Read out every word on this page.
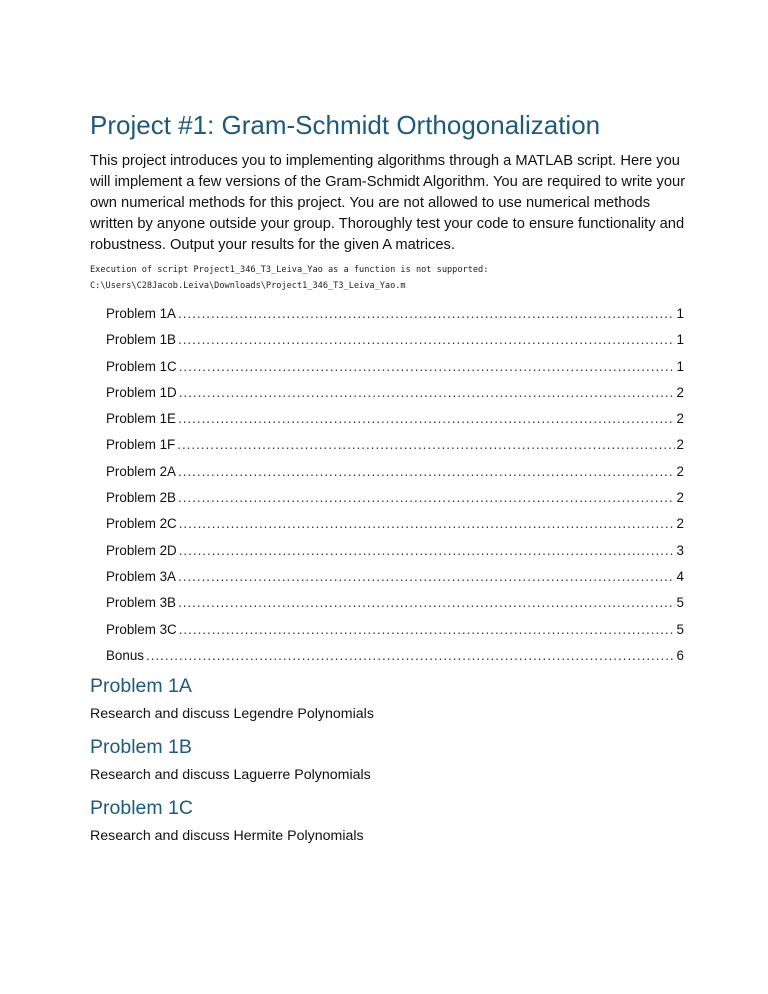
Project #1: Gram-Schmidt Orthogonalization

This project introduces you to implementing algorithms through a MATLAB script. Here you will implement a few versions of the Gram-Schmidt Algorithm. You are required to write your own numerical methods for this project. You are not allowed to use numerical methods written by anyone outside your group. Thoroughly test your code to ensure functionality and robustness. Output your results for the given A matrices.

Execution of script Project1_346_T3_Leiva_Yao as a function is not supported:
C:\Users\C28Jacob.Leiva\Downloads\Project1_346_T3_Leiva_Yao.m
Problem 1A .....	1
Problem 1B .....	1
Problem 1C .....	1
Problem 1D .....	2
Problem 1E .....	2
Problem 1F .....	2
Problem 2A .....	2
Problem 2B .....	2
Problem 2C .....	2
Problem 2D .....	3
Problem 3A .....	4
Problem 3B .....	5
Problem 3C .....	5
Bonus .....	6
Problem 1A

Research and discuss Legendre Polynomials

Problem 1B

Research and discuss Laguerre Polynomials

Problem 1C

Research and discuss Hermite Polynomials
